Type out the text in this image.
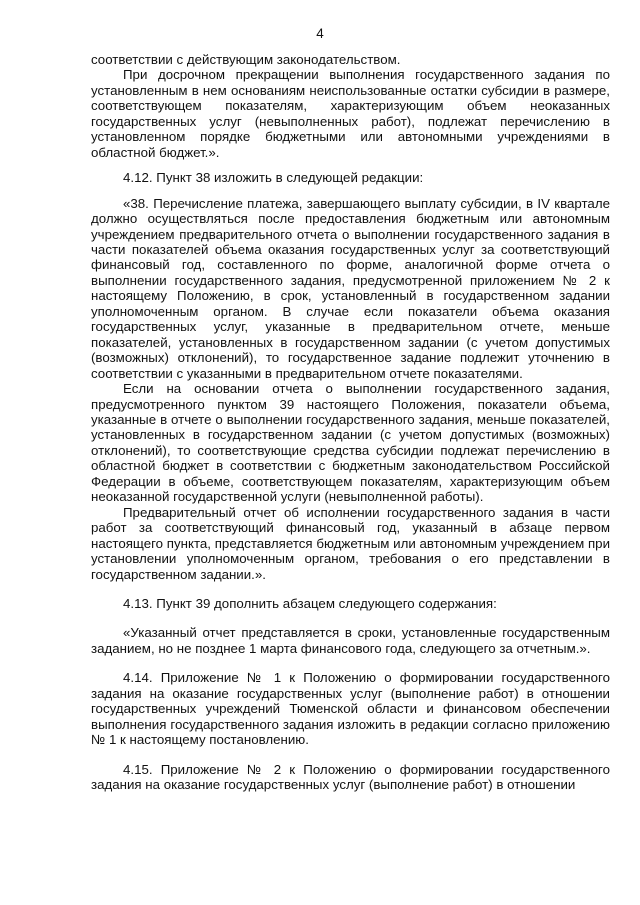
4

соответствии с действующим законодательством.

При досрочном прекращении выполнения государственного задания по установленным в нем основаниям неиспользованные остатки субсидии в размере, соответствующем показателям, характеризующим объем неоказанных государственных услуг (невыполненных работ), подлежат перечислению в установленном порядке бюджетными или автономными учреждениями в областной бюджет.».

4.12. Пункт 38 изложить в следующей редакции:

«38. Перечисление платежа, завершающего выплату субсидии, в IV квартале должно осуществляться после предоставления бюджетным или автономным учреждением предварительного отчета о выполнении государственного задания в части показателей объема оказания государственных услуг за соответствующий финансовый год, составленного по форме, аналогичной форме отчета о выполнении государственного задания, предусмотренной приложением № 2 к настоящему Положению, в срок, установленный в государственном задании уполномоченным органом. В случае если показатели объема оказания государственных услуг, указанные в предварительном отчете, меньше показателей, установленных в государственном задании (с учетом допустимых (возможных) отклонений), то государственное задание подлежит уточнению в соответствии с указанными в предварительном отчете показателями.

Если на основании отчета о выполнении государственного задания, предусмотренного пунктом 39 настоящего Положения, показатели объема, указанные в отчете о выполнении государственного задания, меньше показателей, установленных в государственном задании (с учетом допустимых (возможных) отклонений), то соответствующие средства субсидии подлежат перечислению в областной бюджет в соответствии с бюджетным законодательством Российской Федерации в объеме, соответствующем показателям, характеризующим объем неоказанной государственной услуги (невыполненной работы).

Предварительный отчет об исполнении государственного задания в части работ за соответствующий финансовый год, указанный в абзаце первом настоящего пункта, представляется бюджетным или автономным учреждением при установлении уполномоченным органом, требования о его представлении в государственном задании.».

4.13. Пункт 39 дополнить абзацем следующего содержания:

«Указанный отчет представляется в сроки, установленные государственным заданием, но не позднее 1 марта финансового года, следующего за отчетным.».

4.14. Приложение № 1 к Положению о формировании государственного задания на оказание государственных услуг (выполнение работ) в отношении государственных учреждений Тюменской области и финансовом обеспечении выполнения государственного задания изложить в редакции согласно приложению № 1 к настоящему постановлению.

4.15. Приложение № 2 к Положению о формировании государственного задания на оказание государственных услуг (выполнение работ) в отношении
